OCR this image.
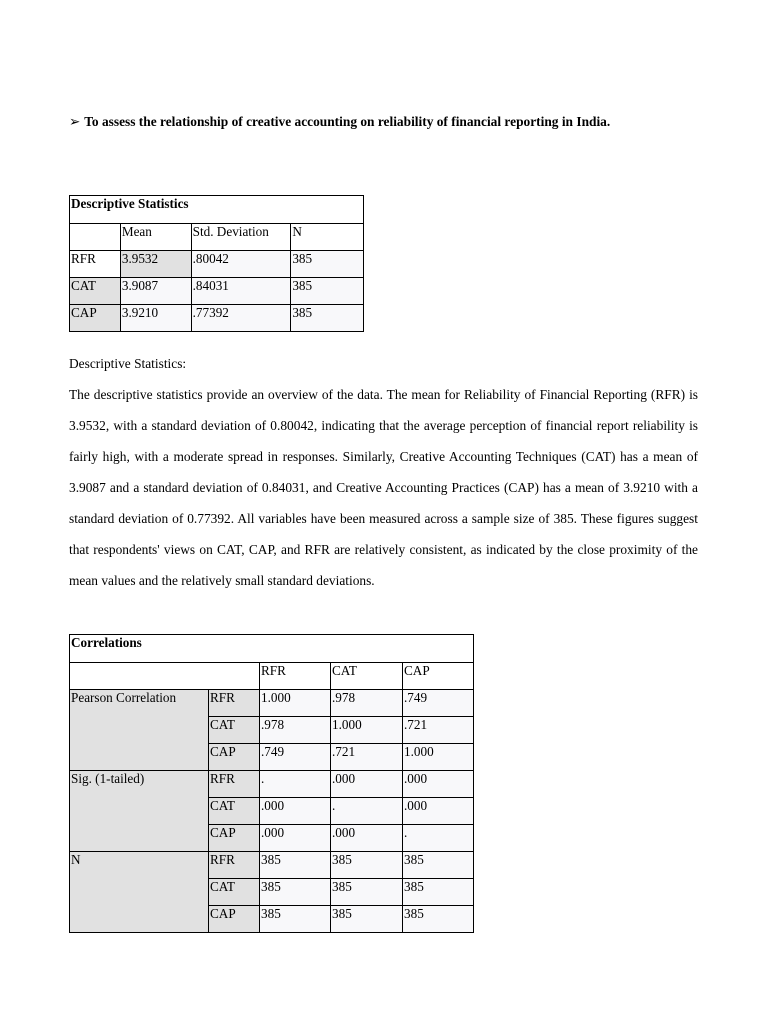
➢ To assess the relationship of creative accounting on reliability of financial reporting in India.

Descriptive Statistics			
	Mean	Std. Deviation	N
RFR	3.9532	.80042	385
CAT	3.9087	.84031	385
CAP	3.9210	.77392	385

Descriptive Statistics:

The descriptive statistics provide an overview of the data. The mean for Reliability of Financial Reporting (RFR) is 3.9532, with a standard deviation of 0.80042, indicating that the average perception of financial report reliability is fairly high, with a moderate spread in responses. Similarly, Creative Accounting Techniques (CAT) has a mean of 3.9087 and a standard deviation of 0.84031, and Creative Accounting Practices (CAP) has a mean of 3.9210 with a standard deviation of 0.77392. All variables have been measured across a sample size of 385. These figures suggest that respondents' views on CAT, CAP, and RFR are relatively consistent, as indicated by the close proximity of the mean values and the relatively small standard deviations.

Correlations				
		RFR	CAT	CAP
Pearson Correlation	RFR	1.000	.978	.749
	CAT	.978	1.000	.721
	CAP	.749	.721	1.000
Sig. (1-tailed)	RFR	.	.000	.000
	CAT	.000	.	.000
	CAP	.000	.000	.
N	RFR	385	385	385
	CAT	385	385	385
	CAP	385	385	385
